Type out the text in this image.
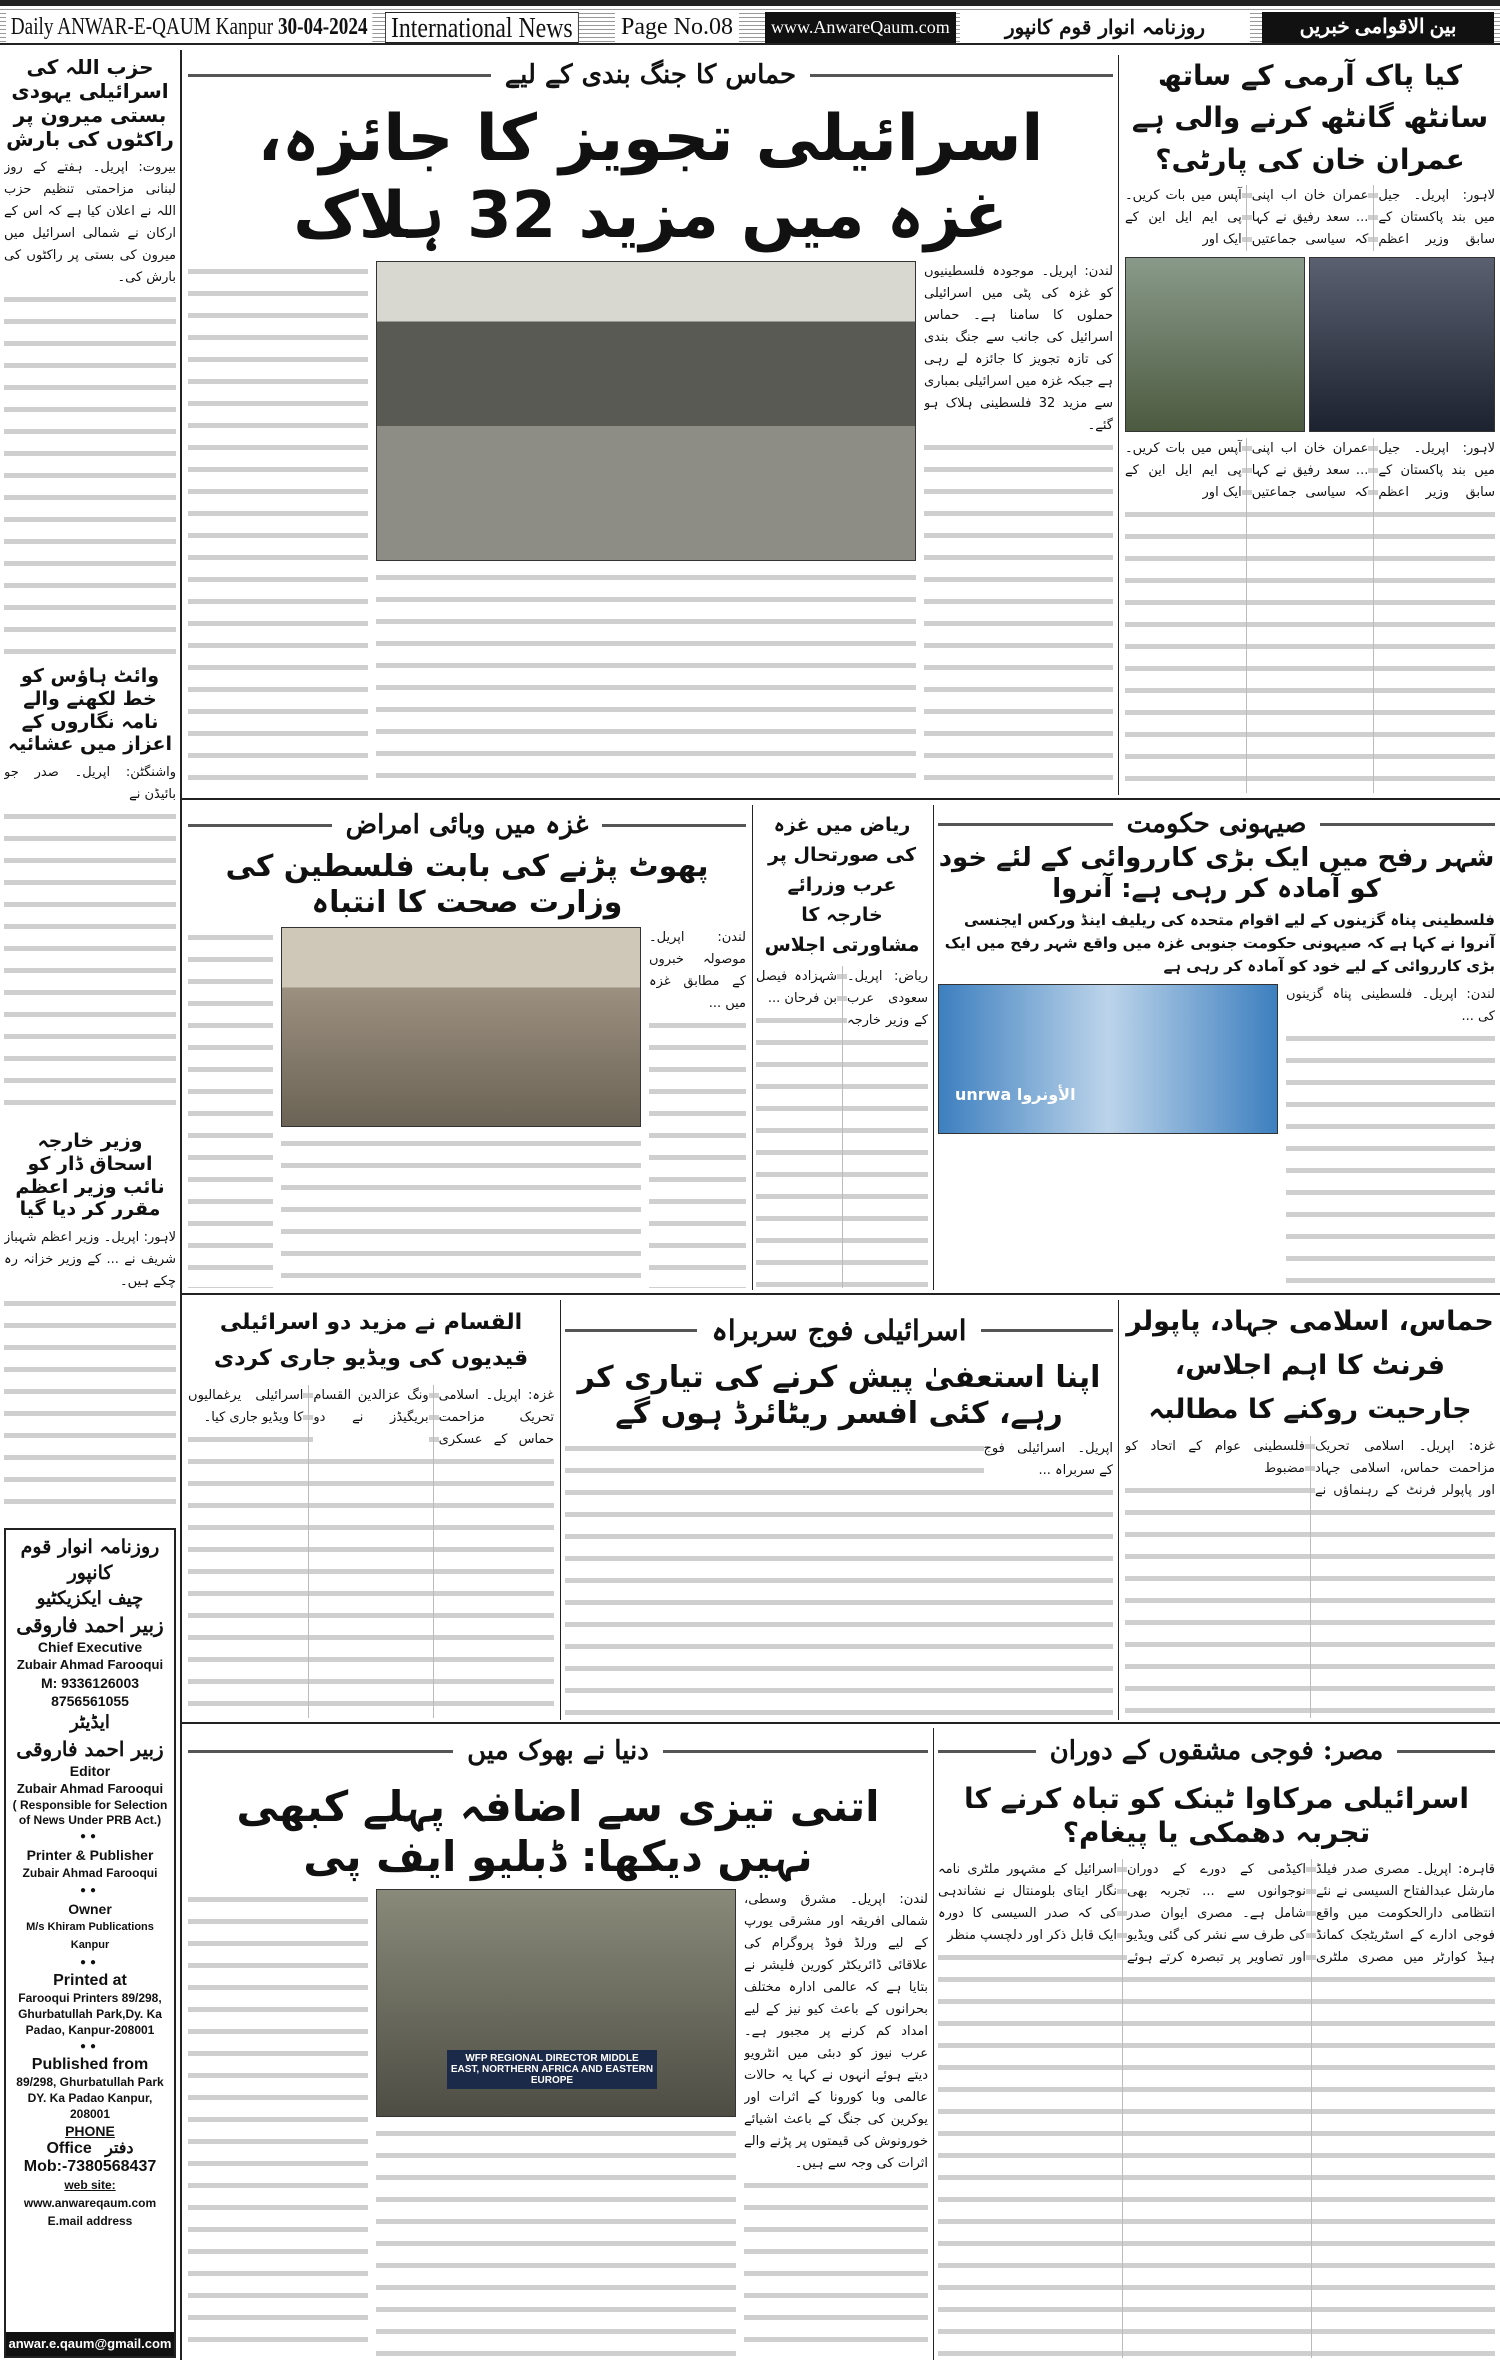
Daily ANWAR-E-QAUM Kanpur 30-04-2024 International News Page No.08	www.AnwareQaum.com	روزنامہ انوار قوم کانپور	بین الاقوامی خبریں
حزب اللہ کی اسرائیلی یہودی بستی میرون پر راکٹوں کی بارش

بیروت: اپریل۔ ہفتے کے روز لبنانی مزاحمتی تنظیم حزب اللہ نے اعلان کیا ہے کہ اس کے ارکان نے شمالی اسرائیل میں میرون کی بستی پر راکٹوں کی بارش کی۔

وائٹ ہاؤس کو خط لکھنے والے نامہ نگاروں کے اعزاز میں عشائیہ

واشنگٹن: اپریل۔ صدر جو بائیڈن نے

وزیر خارجہ اسحاق ڈار کو نائب وزیر اعظم مقرر کر دیا گیا

لاہور: اپریل۔ وزیر اعظم شہباز شریف نے ... کے وزیر خزانہ رہ چکے ہیں۔

روزنامہ انوار قوم کانپور
چیف ایکزیکٹیو
زبیر احمد فاروقی
Chief Executive
Zubair Ahmad Farooqui
M: 9336126003
8756561055
ایڈیٹر
زبیر احمد فاروقی
Editor
Zubair Ahmad Farooqui
( Responsible for Selection of News Under PRB Act.)
●●
Printer & Publisher
Zubair Ahmad Farooqui
●●
Owner
M/s Khiram Publications
Kanpur
●●
Printed at
Farooqui Printers 89/298, Ghurbatullah Park,Dy. Ka Padao, Kanpur-208001
●●
Published from
89/298, Ghurbatullah Park DY. Ka Padao Kanpur, 208001
PHONE
Office دفتر
Mob:-7380568437
web site:
www.anwareqaum.com
E.mail address
anwar.e.qaum@gmail.com
حماس کا جنگ بندی کے لیے
اسرائیلی تجویز کا جائزہ، غزہ میں مزید 32 ہلاک

لندن: اپریل۔ موجودہ فلسطینیوں کو غزہ کی پٹی میں اسرائیلی حملوں کا سامنا ہے۔ حماس اسرائیل کی جانب سے جنگ بندی کی تازہ تجویز کا جائزہ لے رہی ہے جبکہ غزہ میں اسرائیلی بمباری سے مزید 32 فلسطینی ہلاک ہو گئے۔

کیا پاک آرمی کے ساتھ سانٹھ گانٹھ کرنے والی ہے عمران خان کی پارٹی؟

لاہور: اپریل۔ جیل میں بند پاکستان کے سابق وزیر اعظم عمران خان اب اپنی ... سعد رفیق نے کہا کہ سیاسی جماعتیں آپس میں بات کریں۔ پی ایم ایل این کے ایک اور

لاہور: اپریل۔ جیل میں بند پاکستان کے سابق وزیر اعظم عمران خان اب اپنی ... سعد رفیق نے کہا کہ سیاسی جماعتیں آپس میں بات کریں۔ پی ایم ایل این کے ایک اور

صیہونی حکومت
شہر رفح میں ایک بڑی کارروائی کے لئے خود کو آمادہ کر رہی ہے: آنروا
فلسطینی پناہ گزینوں کے لیے اقوام متحدہ کی ریلیف اینڈ ورکس ایجنسی آنروا نے کہا ہے کہ صیہونی حکومت جنوبی غزہ میں واقع شہر رفح میں ایک بڑی کارروائی کے لیے خود کو آمادہ کر رہی ہے
unrwa الأونروا

لندن: اپریل۔ فلسطینی پناہ گزینوں کی ...

ریاض میں غزہ کی صورتحال پر عرب وزرائے خارجہ کا مشاورتی اجلاس

ریاض: اپریل۔ سعودی عرب کے وزیر خارجہ شہزادہ فیصل بن فرحان ...

غزہ میں وبائی امراض
پھوٹ پڑنے کی بابت فلسطین کی وزارت صحت کا انتباہ

لندن: اپریل۔ موصولہ خبروں کے مطابق غزہ میں ...

حماس، اسلامی جہاد، پاپولر فرنٹ کا اہم اجلاس، جارحیت روکنے کا مطالبہ

غزہ: اپریل۔ اسلامی تحریک مزاحمت حماس، اسلامی جہاد اور پاپولر فرنٹ کے رہنماؤں نے فلسطینی عوام کے اتحاد کو مضبوط

اسرائیلی فوج سربراہ
اپنا استعفیٰ پیش کرنے کی تیاری کر رہے، کئی افسر ریٹائرڈ ہوں گے

اپریل۔ اسرائیلی فوج کے سربراہ ...

القسام نے مزید دو اسرائیلی قیدیوں کی ویڈیو جاری کردی

غزہ: اپریل۔ اسلامی تحریک مزاحمت حماس کے عسکری ونگ عزالدین القسام بریگیڈز نے دو اسرائیلی یرغمالیوں کا ویڈیو جاری کیا۔

مصر: فوجی مشقوں کے دوران
اسرائیلی مرکاوا ٹینک کو تباہ کرنے کا تجربہ دھمکی یا پیغام؟

قاہرہ: اپریل۔ مصری صدر فیلڈ مارشل عبدالفتاح السیسی نے نئے انتظامی دارالحکومت میں واقع فوجی ادارے کے اسٹریٹجک کمانڈ ہیڈ کوارٹر میں مصری ملٹری اکیڈمی کے دورے کے دوران نوجوانوں سے ... تجربہ بھی شامل ہے۔ مصری ایوان صدر کی طرف سے نشر کی گئی ویڈیو اور تصاویر پر تبصرہ کرتے ہوئے اسرائیل کے مشہور ملٹری نامہ نگار ایتای بلومنتال نے نشاندہی کی کہ صدر السیسی کا دورہ ایک قابل ذکر اور دلچسپ منظر

دنیا نے بھوک میں
اتنی تیزی سے اضافہ پہلے کبھی نہیں دیکھا: ڈبلیو ایف پی
WFP REGIONAL DIRECTOR MIDDLE EAST, NORTHERN AFRICA AND EASTERN EUROPE

لندن: اپریل۔ مشرق وسطی، شمالی افریقہ اور مشرقی یورپ کے لیے ورلڈ فوڈ پروگرام کی علاقائی ڈائریکٹر کورین فلیشر نے بتایا ہے کہ عالمی ادارہ مختلف بحرانوں کے باعث کیو نیز کے لیے امداد کم کرنے پر مجبور ہے۔ عرب نیوز کو دبئی میں انٹرویو دیتے ہوئے انہوں نے کہا یہ حالات عالمی وبا کورونا کے اثرات اور یوکرین کی جنگ کے باعث اشیائے خورونوش کی قیمتوں پر پڑنے والے اثرات کی وجہ سے ہیں۔
